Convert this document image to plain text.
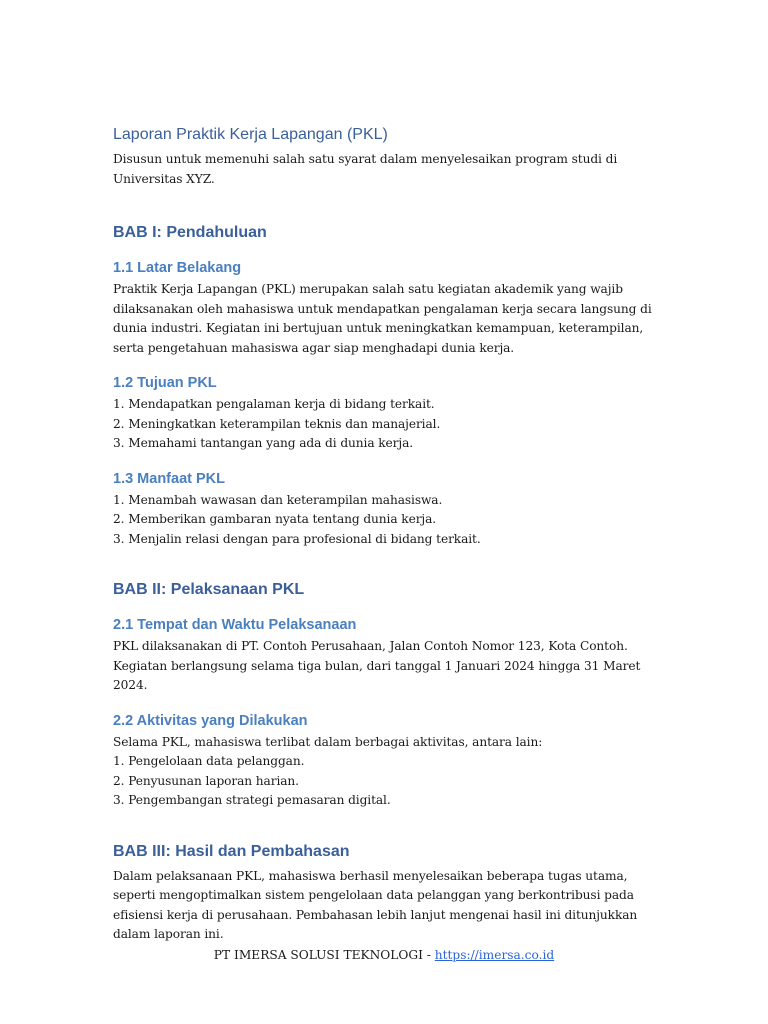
Laporan Praktik Kerja Lapangan (PKL)

Disusun untuk memenuhi salah satu syarat dalam menyelesaikan program studi di Universitas XYZ.

BAB I: Pendahuluan
1.1 Latar Belakang

Praktik Kerja Lapangan (PKL) merupakan salah satu kegiatan akademik yang wajib dilaksanakan oleh mahasiswa untuk mendapatkan pengalaman kerja secara langsung di dunia industri. Kegiatan ini bertujuan untuk meningkatkan kemampuan, keterampilan, serta pengetahuan mahasiswa agar siap menghadapi dunia kerja.

1.2 Tujuan PKL
1. Mendapatkan pengalaman kerja di bidang terkait.
2. Meningkatkan keterampilan teknis dan manajerial.
3. Memahami tantangan yang ada di dunia kerja.
1.3 Manfaat PKL
1. Menambah wawasan dan keterampilan mahasiswa.
2. Memberikan gambaran nyata tentang dunia kerja.
3. Menjalin relasi dengan para profesional di bidang terkait.
BAB II: Pelaksanaan PKL
2.1 Tempat dan Waktu Pelaksanaan

PKL dilaksanakan di PT. Contoh Perusahaan, Jalan Contoh Nomor 123, Kota Contoh. Kegiatan berlangsung selama tiga bulan, dari tanggal 1 Januari 2024 hingga 31 Maret 2024.

2.2 Aktivitas yang Dilakukan

Selama PKL, mahasiswa terlibat dalam berbagai aktivitas, antara lain:

1. Pengelolaan data pelanggan.
2. Penyusunan laporan harian.
3. Pengembangan strategi pemasaran digital.
BAB III: Hasil dan Pembahasan

Dalam pelaksanaan PKL, mahasiswa berhasil menyelesaikan beberapa tugas utama, seperti mengoptimalkan sistem pengelolaan data pelanggan yang berkontribusi pada efisiensi kerja di perusahaan. Pembahasan lebih lanjut mengenai hasil ini ditunjukkan dalam laporan ini.

PT IMERSA SOLUSI TEKNOLOGI - https://imersa.co.id
